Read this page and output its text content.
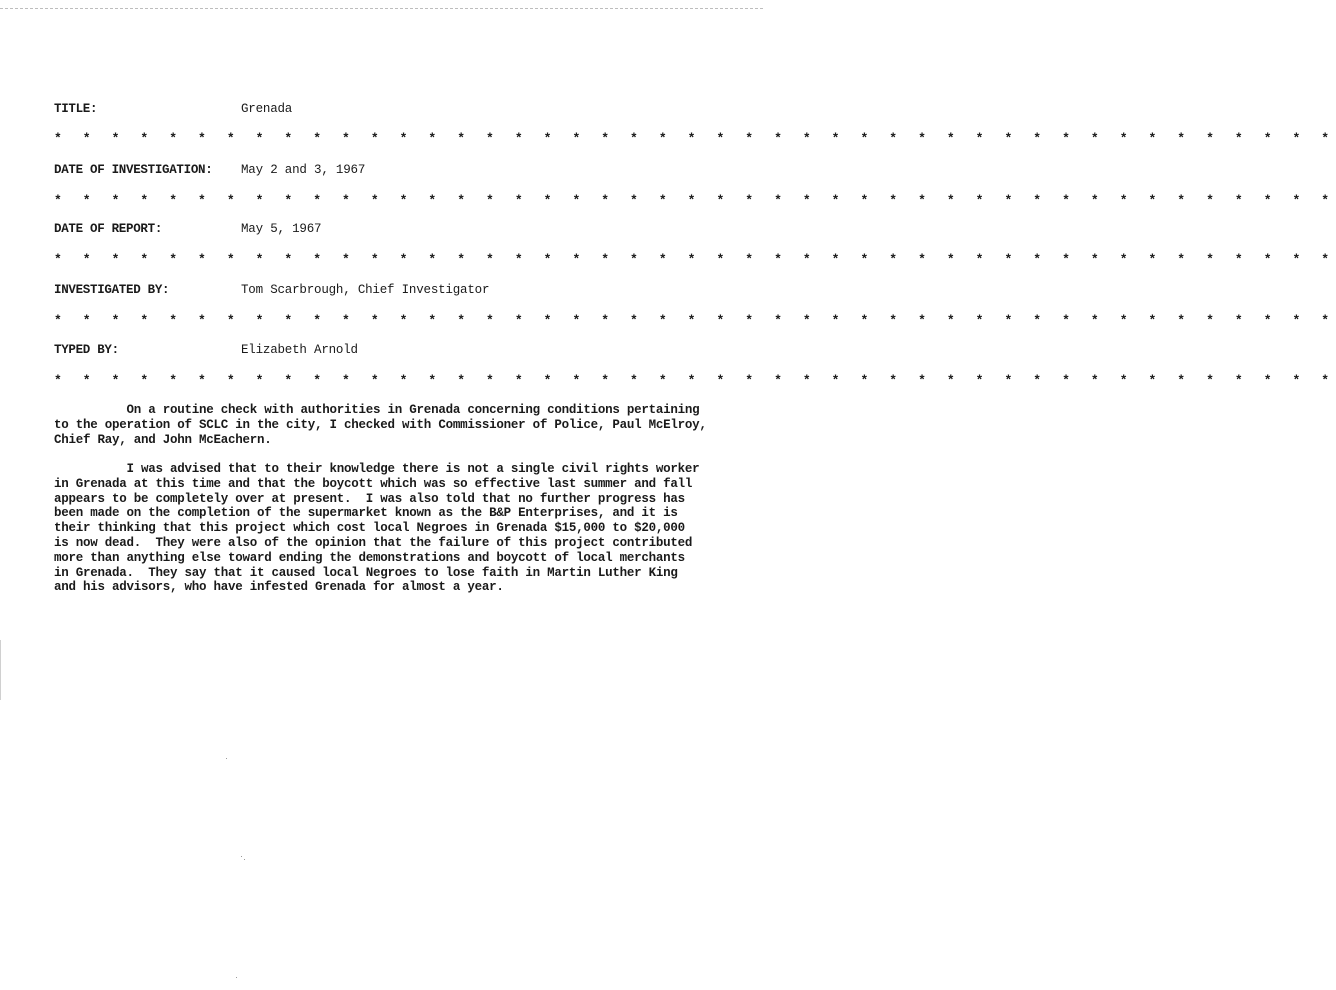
TITLE:	Grenada
* * * * * * * * * * * * * * * * * * * * * * * * * * * * * * * * * * * * * * * * * * * * *
DATE OF INVESTIGATION: May 2 and 3, 1967
* * * * * * * * * * * * * * * * * * * * * * * * * * * * * * * * * * * * * * * * * * * * *
DATE OF REPORT:	May 5, 1967
* * * * * * * * * * * * * * * * * * * * * * * * * * * * * * * * * * * * * * * * * * * * *
INVESTIGATED BY:	Tom Scarbrough, Chief Investigator
* * * * * * * * * * * * * * * * * * * * * * * * * * * * * * * * * * * * * * * * * * * * *
TYPED BY:	Elizabeth Arnold
* * * * * * * * * * * * * * * * * * * * * * * * * * * * * * * * * * * * * * * * * * * * *
On a routine check with authorities in Grenada concerning conditions pertaining
to the operation of SCLC in the city, I checked with Commissioner of Police, Paul McElroy,
Chief Ray, and John McEachern.
I was advised that to their knowledge there is not a single civil rights worker
in Grenada at this time and that the boycott which was so effective last summer and fall
appears to be completely over at present.  I was also told that no further progress has
been made on the completion of the supermarket known as the B&P Enterprises, and it is
their thinking that this project which cost local Negroes in Grenada $15,000 to $20,000
is now dead.  They were also of the opinion that the failure of this project contributed
more than anything else toward ending the demonstrations and boycott of local merchants
in Grenada.  They say that it caused local Negroes to lose faith in Martin Luther King
and his advisors, who have infested Grenada for almost a year.
